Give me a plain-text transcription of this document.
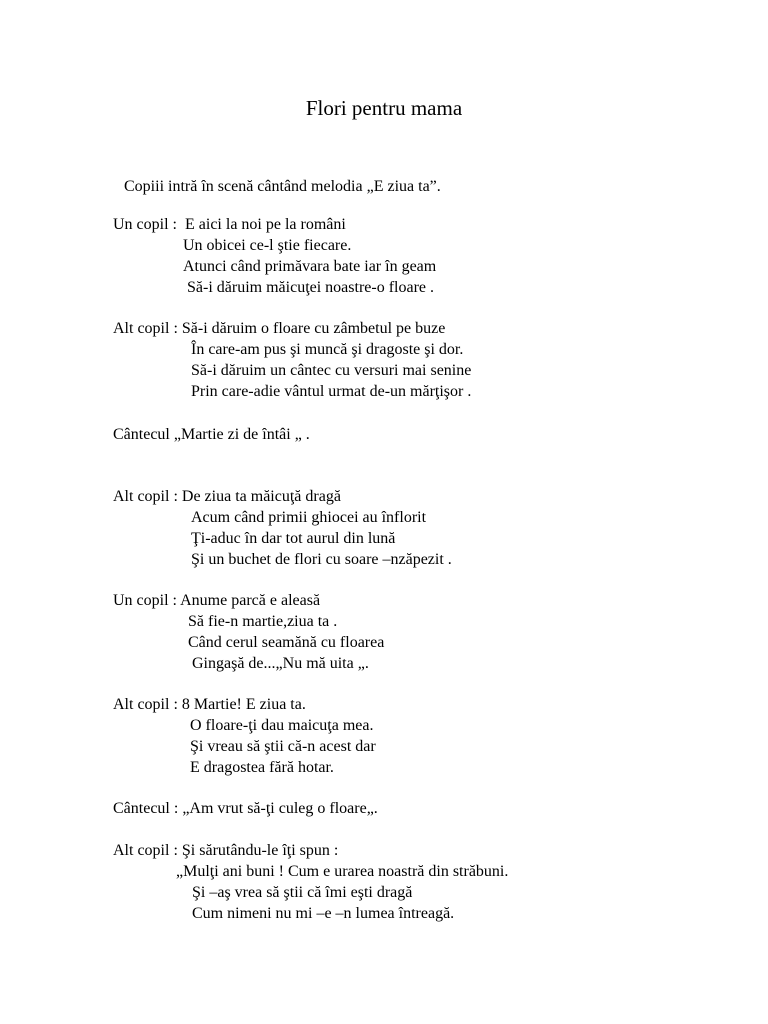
Flori pentru mama
Copiii intră în scenă cântând melodia „E ziua ta”.
Un copil : E aici la noi pe la români
Un obicei ce-l ştie fiecare.
Atunci când primăvara bate iar în geam
Să-i dăruim măicuţei noastre-o floare .
Alt copil : Să-i dăruim o floare cu zâmbetul pe buze
În care-am pus şi muncă şi dragoste şi dor.
Să-i dăruim un cântec cu versuri mai senine
Prin care-adie vântul urmat de-un mărţişor .
Cântecul „Martie zi de întâi „ .
Alt copil : De ziua ta măicuţă dragă
Acum când primii ghiocei au înflorit
Ţi-aduc în dar tot aurul din lună
Şi un buchet de flori cu soare –nzăpezit .
Un copil : Anume parcă e aleasă
Să fie-n martie,ziua ta .
Când cerul seamănă cu floarea
Gingaşă de...„Nu mă uita „.
Alt copil : 8 Martie! E ziua ta.
O floare-ţi dau maicuţa mea.
Şi vreau să ştii că-n acest dar
E dragostea fără hotar.
Cântecul : „Am vrut să-ţi culeg o floare„.
Alt copil : Şi sărutându-le îţi spun :
„Mulţi ani buni ! Cum e urarea noastră din străbuni.
Şi –aş vrea să ştii că îmi eşti dragă
Cum nimeni nu mi –e –n lumea întreagă.
